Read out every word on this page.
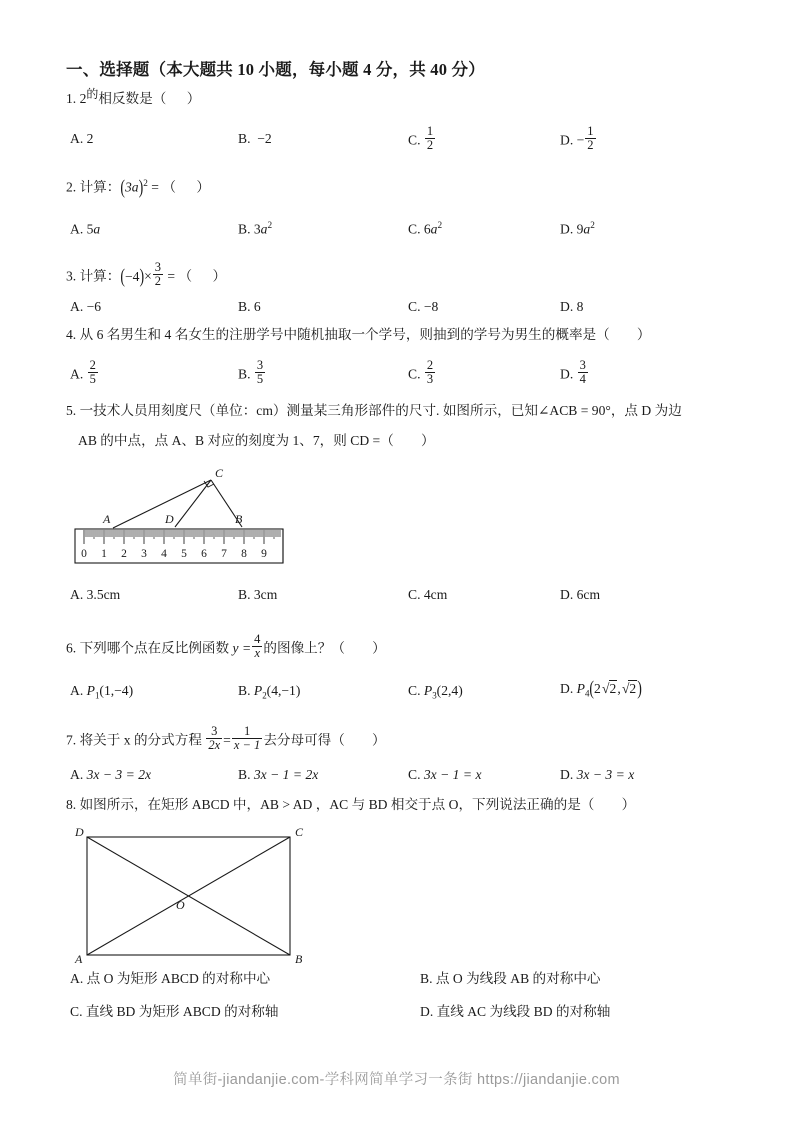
一、选择题（本大题共 10 小题，每小题 4 分，共 40 分）
1. 2的相反数是（ ）
A. 2	B. −2	C. $\frac{1}{2}$	D. − $\frac{1}{2}$
2. 计算：$(3a)^2$ = （ ）
A. 5a	B. $3a^2$	C. $6a^2$	D. $9a^2$
3. 计算：$(-4)\times \frac{3}{2}$ = （ ）
A. −6	B. 6	C. −8	D. 8
4. 从 6 名男生和 4 名女生的注册学号中随机抽取一个学号，则抽到的学号为男生的概率是（　　）
A. $\frac{2}{5}$	B. $\frac{3}{5}$	C. $\frac{2}{3}$	D. $\frac{3}{4}$
5. 一技术人员用刻度尺（单位：cm）测量某三角形部件的尺寸. 如图所示，已知∠ACB = 90°，点 D 为边
AB 的中点，点 A、B 对应的刻度为 1、7，则 CD =（　　）
0 1 2 3 4 5 6 7 8 9
A
C
D	B
A. 3.5cm	B. 3cm	C. 4cm	D. 6cm
6. 下列哪个点在反比例函数 $y = \frac{4}{x}$ 的图像上？（　　）
A. $P_1(1,-4)$	B. $P_2(4,-1)$	C. $P_3(2,4)$	D. $P_4(2√2,√2)$
7. 将关于 x 的分式方程 $\frac{3}{2x} = \frac{1}{x - 1}$ 去分母可得（　　）
A. 3x − 3 = 2x	B. 3x − 1 = 2x	C. 3x − 1 = x	D. 3x − 3 = x
8. 如图所示，在矩形 ABCD 中，AB > AD ，AC 与 BD 相交于点 O，下列说法正确的是（　　）
D	C
A	B
O
A. 点 O 为矩形 ABCD 的对称中心	B. 点 O 为线段 AB 的对称中心
C. 直线 BD 为矩形 ABCD 的对称轴	D. 直线 AC 为线段 BD 的对称轴
简单街-jiandanjie.com-学科网简单学习一条街 https://jiandanjie.com
